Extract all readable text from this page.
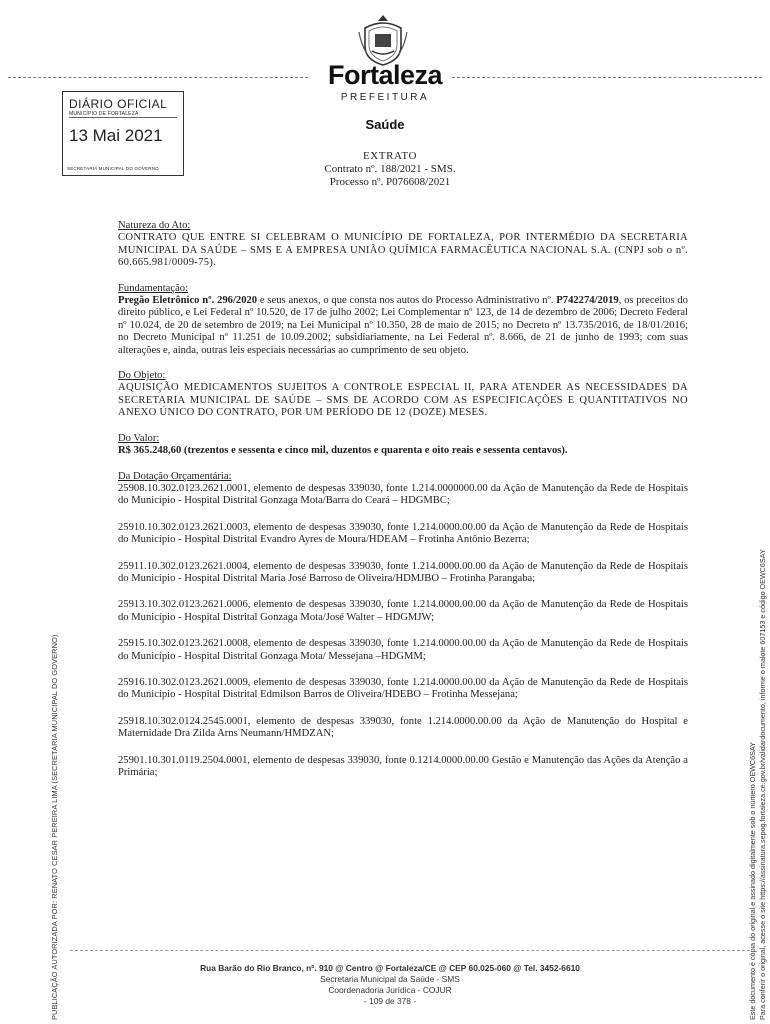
Fortaleza
PREFEITURA
Saúde
DIÁRIO OFICIAL
MUNICÍPIO DE FORTALEZA
13 Mai 2021
SECRETARIA MUNICIPAL DO GOVERNO
EXTRATO
Contrato nº. 188/2021 - SMS.
Processo nº. P076608/2021
Natureza do Ato:
CONTRATO QUE ENTRE SI CELEBRAM O MUNICÍPIO DE FORTALEZA, POR INTERMÉDIO DA SECRETARIA MUNICIPAL DA SAÚDE – SMS E A EMPRESA UNIÃO QUÍMICA FARMACÊUTICA NACIONAL S.A. (CNPJ sob o nº. 60.665.981/0009-75).
Fundamentação:
Pregão Eletrônico nº. 296/2020 e seus anexos, o que consta nos autos do Processo Administrativo nº. P742274/2019, os preceitos do direito público, e Lei Federal nº 10.520, de 17 de julho 2002; Lei Complementar nº 123, de 14 de dezembro de 2006; Decreto Federal nº 10.024, de 20 de setembro de 2019; na Lei Municipal nº 10.350, 28 de maio de 2015; no Decreto nº 13.735/2016, de 18/01/2016; no Decreto Municipal nº 11.251 de 10.09.2002; subsidiariamente, na Lei Federal nº. 8.666, de 21 de junho de 1993; com suas alterações e, ainda, outras leis especiais necessárias ao cumprimento de seu objeto.
Do Objeto:
AQUISIÇÃO MEDICAMENTOS SUJEITOS A CONTROLE ESPECIAL II, PARA ATENDER AS NECESSIDADES DA SECRETARIA MUNICIPAL DE SAÚDE – SMS DE ACORDO COM AS ESPECIFICAÇÕES E QUANTITATIVOS NO ANEXO ÚNICO DO CONTRATO, POR UM PERÍODO DE 12 (DOZE) MESES.
Do Valor:
R$ 365.248,60 (trezentos e sessenta e cinco mil, duzentos e quarenta e oito reais e sessenta centavos).
Da Dotação Orçamentária:
25908.10.302.0123.2621.0001, elemento de despesas 339030, fonte 1.214.0000000.00 da Ação de Manutenção da Rede de Hospitais do Município - Hospital Distrital Gonzaga Mota/Barra do Ceará – HDGMBC;
25910.10.302.0123.2621.0003, elemento de despesas 339030, fonte 1.214.0000.00.00 da Ação de Manutenção da Rede de Hospitais do Município - Hospital Distrital Evandro Ayres de Moura/HDEAM – Frotinha Antônio Bezerra;
25911.10.302.0123.2621.0004, elemento de despesas 339030, fonte 1.214.0000.00.00 da Ação de Manutenção da Rede de Hospitais do Município - Hospital Distrital Maria José Barroso de Oliveira/HDMJBO – Frotinha Parangaba;
25913.10.302.0123.2621.0006, elemento de despesas 339030, fonte 1.214.0000.00.00 da Ação de Manutenção da Rede de Hospitais do Município - Hospital Distrital Gonzaga Mota/José Walter – HDGMJW;
25915.10.302.0123.2621.0008, elemento de despesas 339030, fonte 1.214.0000.00.00 da Ação de Manutenção da Rede de Hospitais do Município - Hospital Distrital Gonzaga Mota/ Messejana –HDGMM;
25916.10.302.0123.2621.0009, elemento de despesas 339030, fonte 1.214.0000.00.00 da Ação de Manutenção da Rede de Hospitais do Município - Hospital Distrital Edmilson Barros de Oliveira/HDEBO – Frotinha Messejana;
25918.10.302.0124.2545.0001, elemento de despesas 339030, fonte 1.214.0000.00.00 da Ação de Manutenção do Hospital e Maternidade Dra Zilda Arns Neumann/HMDZAN;
25901.10.301.0119.2504.0001, elemento de despesas 339030, fonte 0.1214.0000.00.00 Gestão e Manutenção das Ações da Atenção a Primária;
PUBLICAÇÃO AUTORIZADA POR: RENATO CESAR PEREIRA LIMA (SECRETARIA MUNICIPAL DO GOVERNO)	Este documento é cópia do original e assinado digitalmente sob o número OEWC6SAY Para conferir o original, acesse o site https://assinatura.sepog.fortaleza.ce.gov.br/validardocumento, informe o malote 607153 e código OEWC6SAY
Rua Barão do Rio Branco, nº. 910 @ Centro @ Fortaleza/CE @ CEP 60.025-060 @ Tel. 3452-6610
Secretaria Municipal da Saúde - SMS
Coordenadoria Jurídica - COJUR
- 109 de 378 -
